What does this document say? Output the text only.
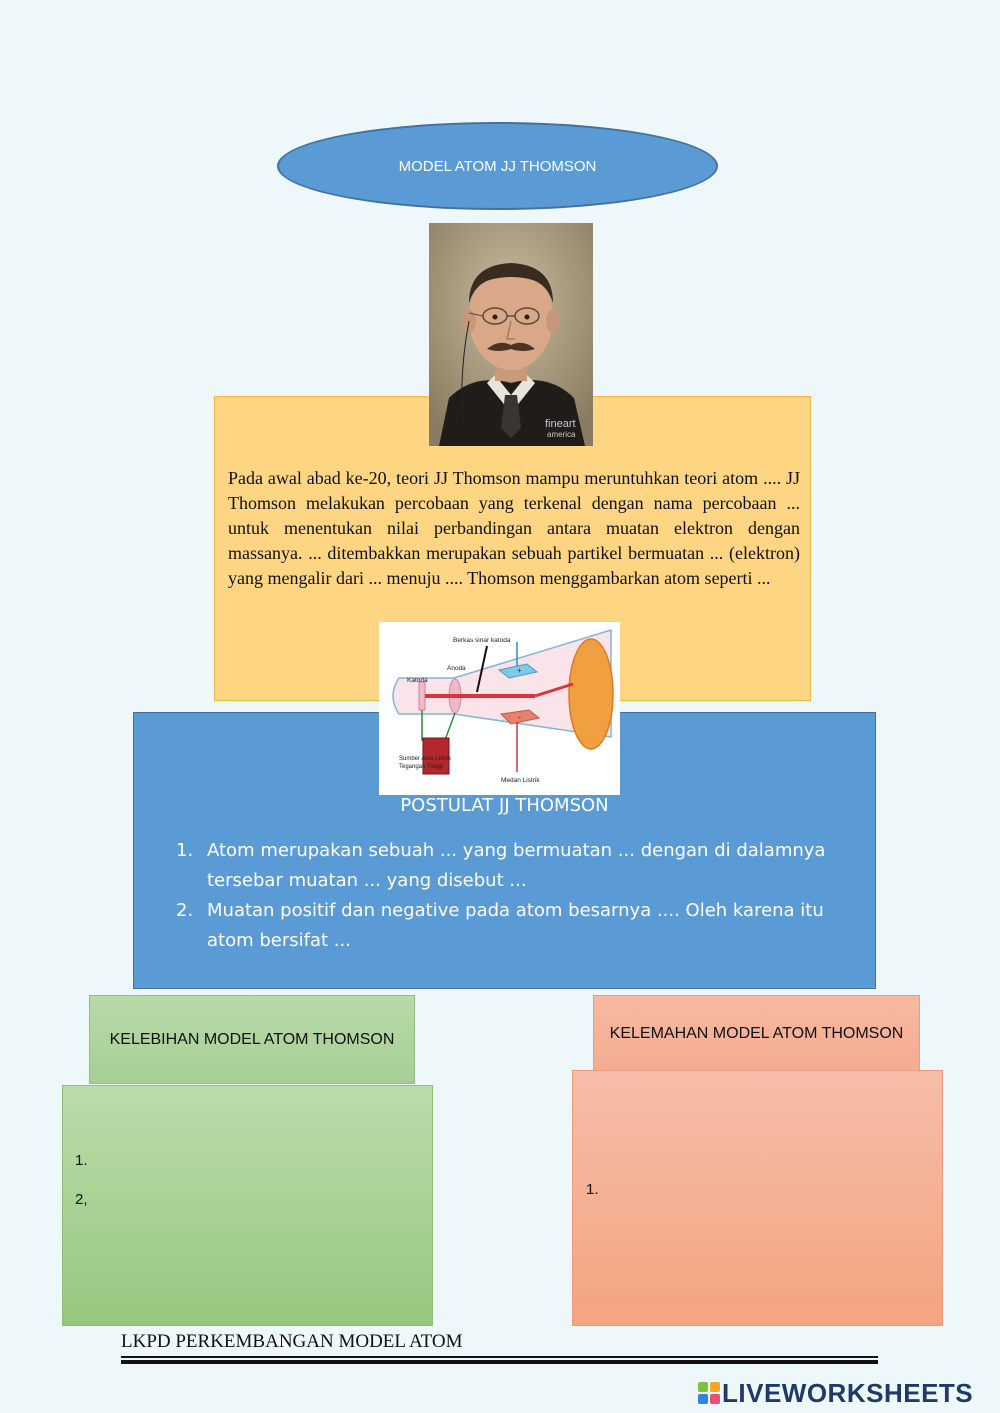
MODEL ATOM JJ THOMSON
Pada awal abad ke-20, teori JJ Thomson mampu meruntuhkan teori atom .... JJ Thomson melakukan percobaan yang terkenal dengan nama percobaan ... untuk menentukan nilai perbandingan antara muatan elektron dengan massanya. ... ditembakkan merupakan sebuah partikel bermuatan ... (elektron) yang mengalir dari ... menuju .... Thomson menggambarkan atom seperti ...
fineart
america
+
-
Berkas sinar katoda
Anoda
Katoda
Sumber Arus Listrik
Tegangan Tinggi
Medan Listrik
POSTULAT JJ THOMSON
1. Atom merupakan sebuah ... yang bermuatan ... dengan di dalamnya tersebar muatan ... yang disebut ...
2. Muatan positif dan negative pada atom besarnya .... Oleh karena itu atom bersifat ...
KELEBIHAN MODEL ATOM THOMSON
1.
2,
KELEMAHAN MODEL ATOM THOMSON
1.
LKPD PERKEMBANGAN MODEL ATOM
LIVEWORKSHEETS
